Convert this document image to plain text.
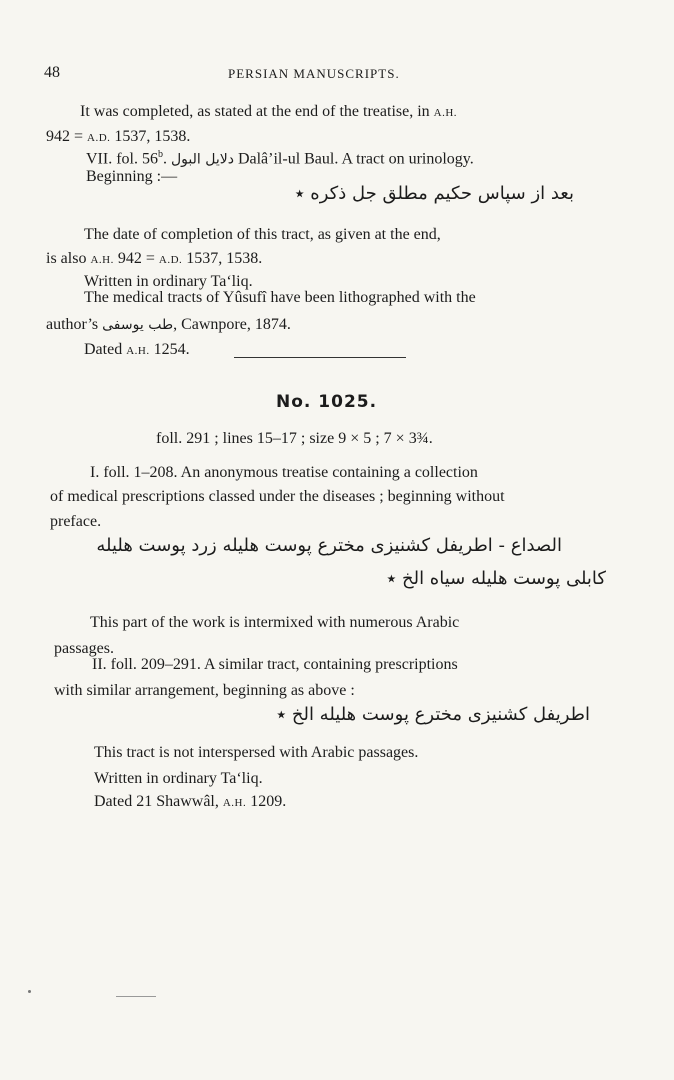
48	PERSIAN MANUSCRIPTS.
It was completed, as stated at the end of the treatise, in A.H.
942 = A.D. 1537, 1538.
VII. fol. 56$^b$. دلایل البول Dalâ’il-ul Baul. A tract on urinology.
Beginning :—
بعد از سپاس حکیم مطلق جل ذکره ٭
The date of completion of this tract, as given at the end,
is also A.H. 942 = A.D. 1537, 1538.
Written in ordinary Ta‘liq.
The medical tracts of Yûsufî have been lithographed with the
author’s طب یوسفی, Cawnpore, 1874.
Dated A.H. 1254.
No. 1025.
foll. 291 ; lines 15–17 ; size 9 × 5 ; 7 × 3¾.
I. foll. 1–208. An anonymous treatise containing a collection
of medical prescriptions classed under the diseases ; beginning without
preface.
الصداع - اطریفل کشنیزی مخترع پوست هلیله زرد پوست هلیله
کابلی پوست هلیله سیاه الخ ٭
This part of the work is intermixed with numerous Arabic
passages.
II. foll. 209–291. A similar tract, containing prescriptions
with similar arrangement, beginning as above :
اطریفل کشنیزی مخترع پوست هلیله الخ ٭
This tract is not interspersed with Arabic passages.
Written in ordinary Ta‘liq.
Dated 21 Shawwâl, A.H. 1209.
